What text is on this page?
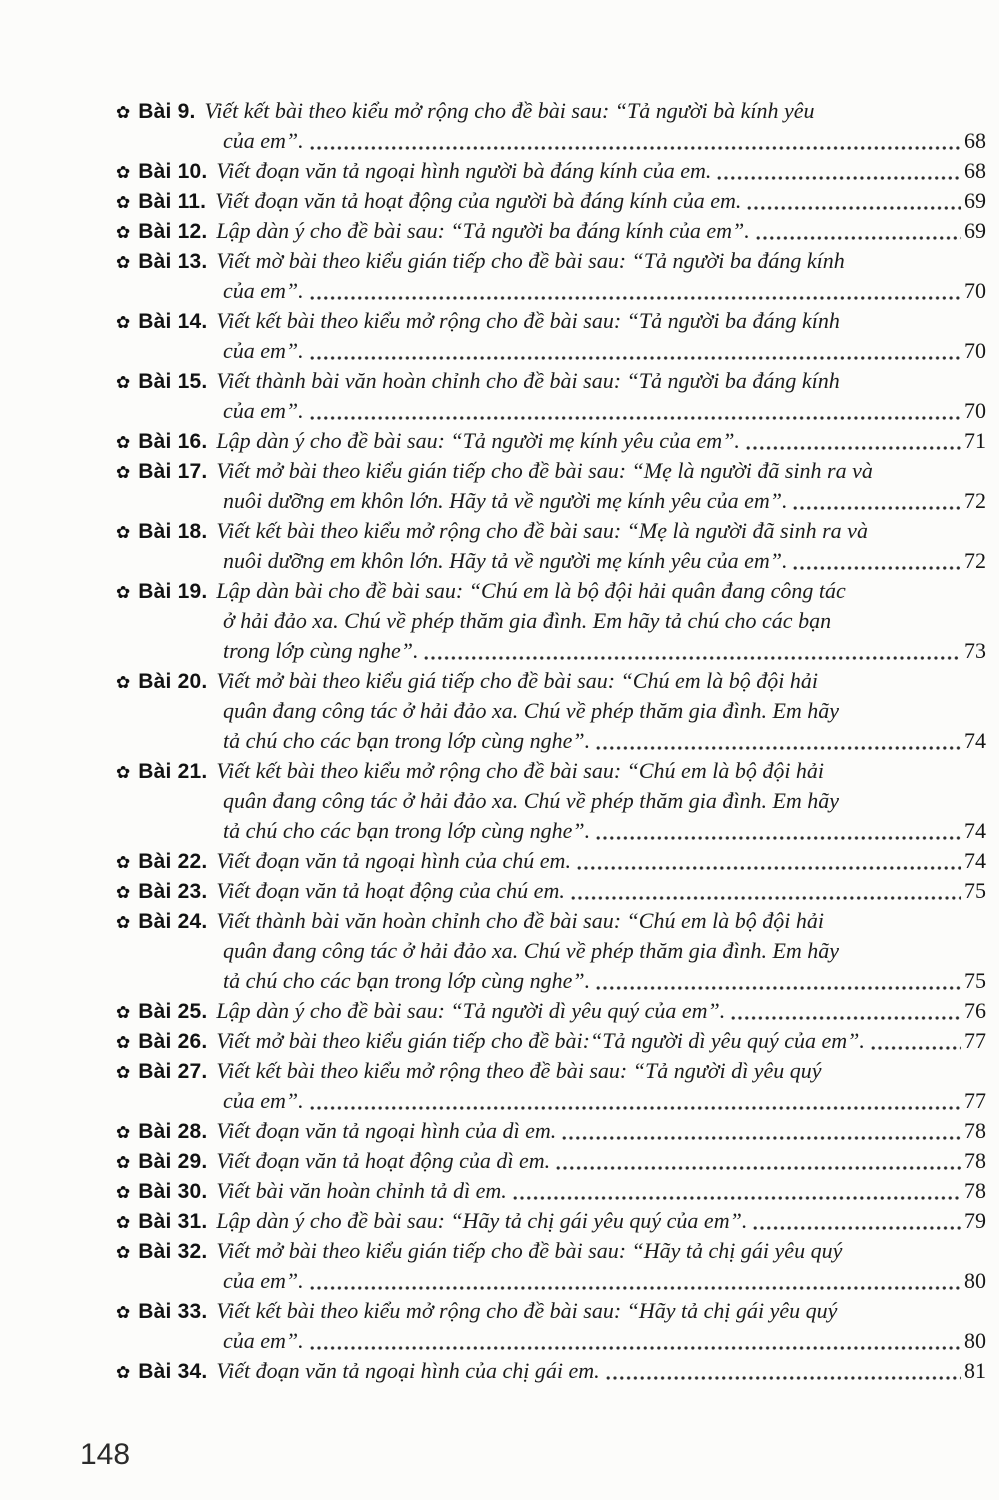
✿ Bài 9. Viết kết bài theo kiểu mở rộng cho đề bài sau: “Tả người bà kính yêu
của em”.	68
✿ Bài 10. Viết đoạn văn tả ngoại hình người bà đáng kính của em.	68
✿ Bài 11. Viết đoạn văn tả hoạt động của người bà đáng kính của em.	69
✿ Bài 12. Lập dàn ý cho đề bài sau: “Tả người ba đáng kính của em”.	69
✿ Bài 13. Viết mờ bài theo kiểu gián tiếp cho đề bài sau: “Tả người ba đáng kính
của em”.	70
✿ Bài 14. Viết kết bài theo kiểu mở rộng cho đề bài sau: “Tả người ba đáng kính
của em”.	70
✿ Bài 15. Viết thành bài văn hoàn chỉnh cho đề bài sau: “Tả người ba đáng kính
của em”.	70
✿ Bài 16. Lập dàn ý cho đề bài sau: “Tả người mẹ kính yêu của em”.	71
✿ Bài 17. Viết mở bài theo kiểu gián tiếp cho đề bài sau: “Mẹ là người đã sinh ra và
nuôi dưỡng em khôn lớn. Hãy tả về người mẹ kính yêu của em”.	72
✿ Bài 18. Viết kết bài theo kiểu mở rộng cho đề bài sau: “Mẹ là người đã sinh ra và
nuôi dưỡng em khôn lớn. Hãy tả về người mẹ kính yêu của em”.	72
✿ Bài 19. Lập dàn bài cho đề bài sau: “Chú em là bộ đội hải quân đang công tác
ở hải đảo xa. Chú về phép thăm gia đình. Em hãy tả chú cho các bạn
trong lớp cùng nghe”.	73
✿ Bài 20. Viết mở bài theo kiểu giá tiếp cho đề bài sau: “Chú em là bộ đội hải
quân đang công tác ở hải đảo xa. Chú về phép thăm gia đình. Em hãy
tả chú cho các bạn trong lớp cùng nghe”.	74
✿ Bài 21. Viết kết bài theo kiểu mở rộng cho đề bài sau: “Chú em là bộ đội hải
quân đang công tác ở hải đảo xa. Chú về phép thăm gia đình. Em hãy
tả chú cho các bạn trong lớp cùng nghe”.	74
✿ Bài 22. Viết đoạn văn tả ngoại hình của chú em.	74
✿ Bài 23. Viết đoạn văn tả hoạt động của chú em.	75
✿ Bài 24. Viết thành bài văn hoàn chỉnh cho đề bài sau: “Chú em là bộ đội hải
quân đang công tác ở hải đảo xa. Chú về phép thăm gia đình. Em hãy
tả chú cho các bạn trong lớp cùng nghe”.	75
✿ Bài 25. Lập dàn ý cho đề bài sau: “Tả người dì yêu quý của em”.	76
✿ Bài 26. Viết mở bài theo kiểu gián tiếp cho đề bài:“Tả người dì yêu quý của em”.	77
✿ Bài 27. Viết kết bài theo kiểu mở rộng theo đề bài sau: “Tả người dì yêu quý
của em”.	77
✿ Bài 28. Viết đoạn văn tả ngoại hình của dì em.	78
✿ Bài 29. Viết đoạn văn tả hoạt động của dì em.	78
✿ Bài 30. Viết bài văn hoàn chỉnh tả dì em.	78
✿ Bài 31. Lập dàn ý cho đề bài sau: “Hãy tả chị gái yêu quý của em”.	79
✿ Bài 32. Viết mở bài theo kiểu gián tiếp cho đề bài sau: “Hãy tả chị gái yêu quý
của em”.	80
✿ Bài 33. Viết kết bài theo kiểu mở rộng cho đề bài sau: “Hãy tả chị gái yêu quý
của em”.	80
✿ Bài 34. Viết đoạn văn tả ngoại hình của chị gái em.	81
148
